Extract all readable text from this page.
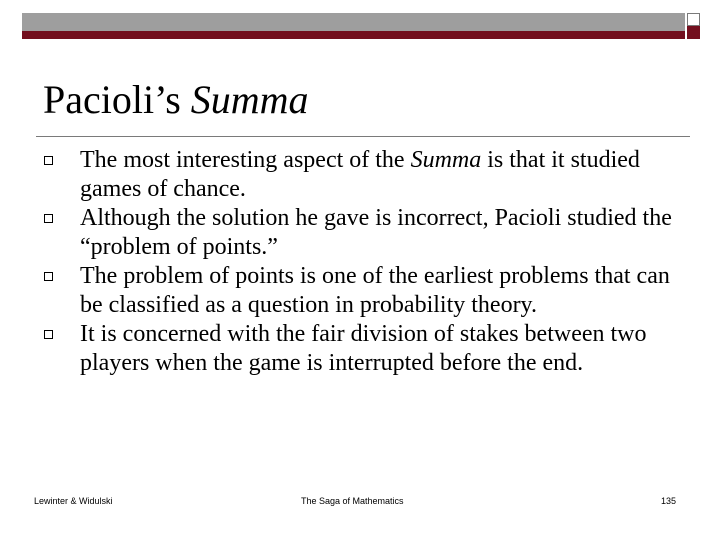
Pacioli’s Summa
The most interesting aspect of the Summa is that it studied games of chance.
Although the solution he gave is incorrect, Pacioli studied the “problem of points.”
The problem of points is one of the earliest problems that can be classified as a question in probability theory.
It is concerned with the fair division of stakes between two players when the game is interrupted before the end.
Lewinter & Widulski	The Saga of Mathematics	135
